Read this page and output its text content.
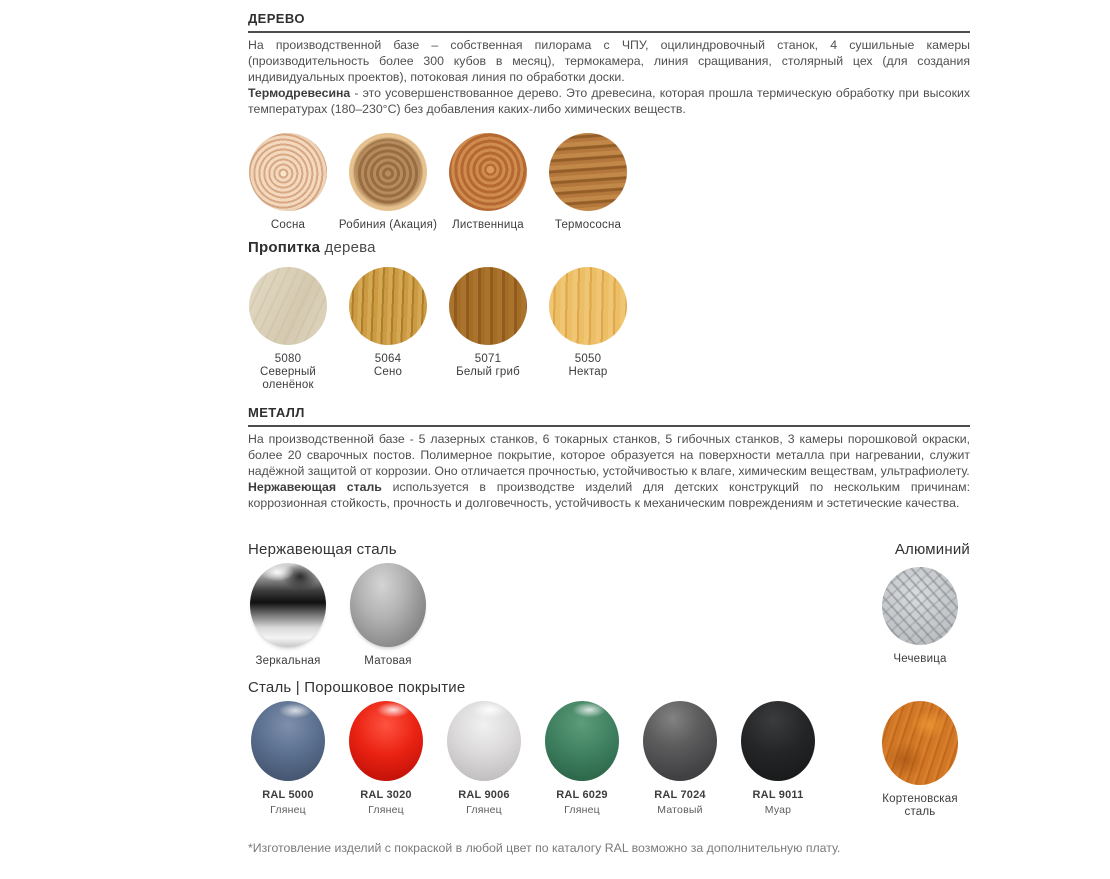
ДЕРЕВО
На производственной базе – собственная пилорама с ЧПУ, оцилиндровочный станок, 4 сушильные камеры (производительность более 300 кубов в месяц), термокамера, линия сращивания, столярный цех (для создания индивидуальных проектов), потоковая линия по обработки доски.
Термодревесина - это усовершенствованное дерево. Это древесина, которая прошла термическую обработку при высоких температурах (180–230°С) без добавления каких-либо химических веществ.
Сосна	Робиния (Акация) Лиственница	Термососна
Пропитка дерева
5080
Северный оленёнок
5064
Сено
5071
Белый гриб
5050
Нектар
МЕТАЛЛ
На производственной базе - 5 лазерных станков, 6 токарных станков, 5 гибочных станков, 3 камеры порошковой окраски, более 20 сварочных постов. Полимерное покрытие, которое образуется на поверхности металла при нагревании, служит надёжной защитой от коррозии. Оно отличается прочностью, устойчивостью к влаге, химическим веществам, ультрафиолету.
Нержавеющая сталь используется в производстве изделий для детских конструкций по нескольким причинам: коррозионная стойкость, прочность и долговечность, устойчивость к механическим повреждениям и эстетические качества.
Нержавеющая сталь	Алюминий
Зеркальная	Матовая	Чечевица
Сталь | Порошковое покрытие
RAL 5000
Глянец
RAL 3020
Глянец
RAL 9006
Глянец
RAL 6029
Глянец
RAL 7024
Матовый
RAL 9011
Муар
Кортеновская сталь
*Изготовление изделий с покраской в любой цвет по каталогу RAL возможно за дополнительную плату.
